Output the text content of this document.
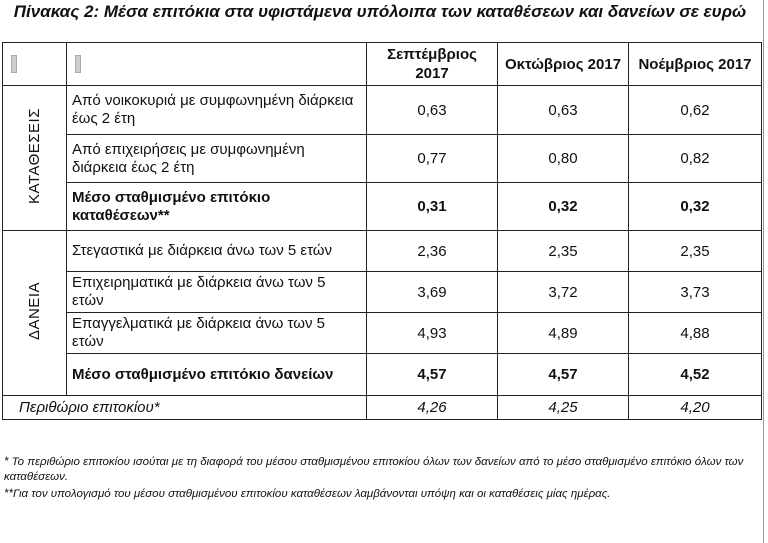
Πίνακας 2: Μέσα επιτόκια στα υφιστάμενα υπόλοιπα των καταθέσεων και δανείων σε ευρώ
		Σεπτέμβριος 2017	Οκτώβριος 2017	Νοέμβριος 2017
ΚΑΤΑΘΕΣΕΙΣ	Από νοικοκυριά με συμφωνημένη διάρκεια έως 2 έτη	0,63	0,63	0,62
	Από επιχειρήσεις με συμφωνημένη διάρκεια έως 2 έτη	0,77	0,80	0,82
	Μέσο σταθμισμένο επιτόκιο καταθέσεων**	0,31	0,32	0,32
ΔΑΝΕΙΑ	Στεγαστικά με διάρκεια άνω των 5 ετών	2,36	2,35	2,35
	Επιχειρηματικά με διάρκεια άνω των 5 ετών	3,69	3,72	3,73
	Επαγγελματικά με διάρκεια άνω των 5 ετών	4,93	4,89	4,88
	Μέσο σταθμισμένο επιτόκιο δανείων	4,57	4,57	4,52
Περιθώριο επιτοκίου*		4,26	4,25	4,20

* Το περιθώριο επιτοκίου ισούται με τη διαφορά του μέσου σταθμισμένου επιτοκίου όλων των δανείων από το μέσο σταθμισμένο επιτόκιο όλων των καταθέσεων.

**Για τον υπολογισμό του μέσου σταθμισμένου επιτοκίου καταθέσεων λαμβάνονται υπόψη και οι καταθέσεις μίας ημέρας.
